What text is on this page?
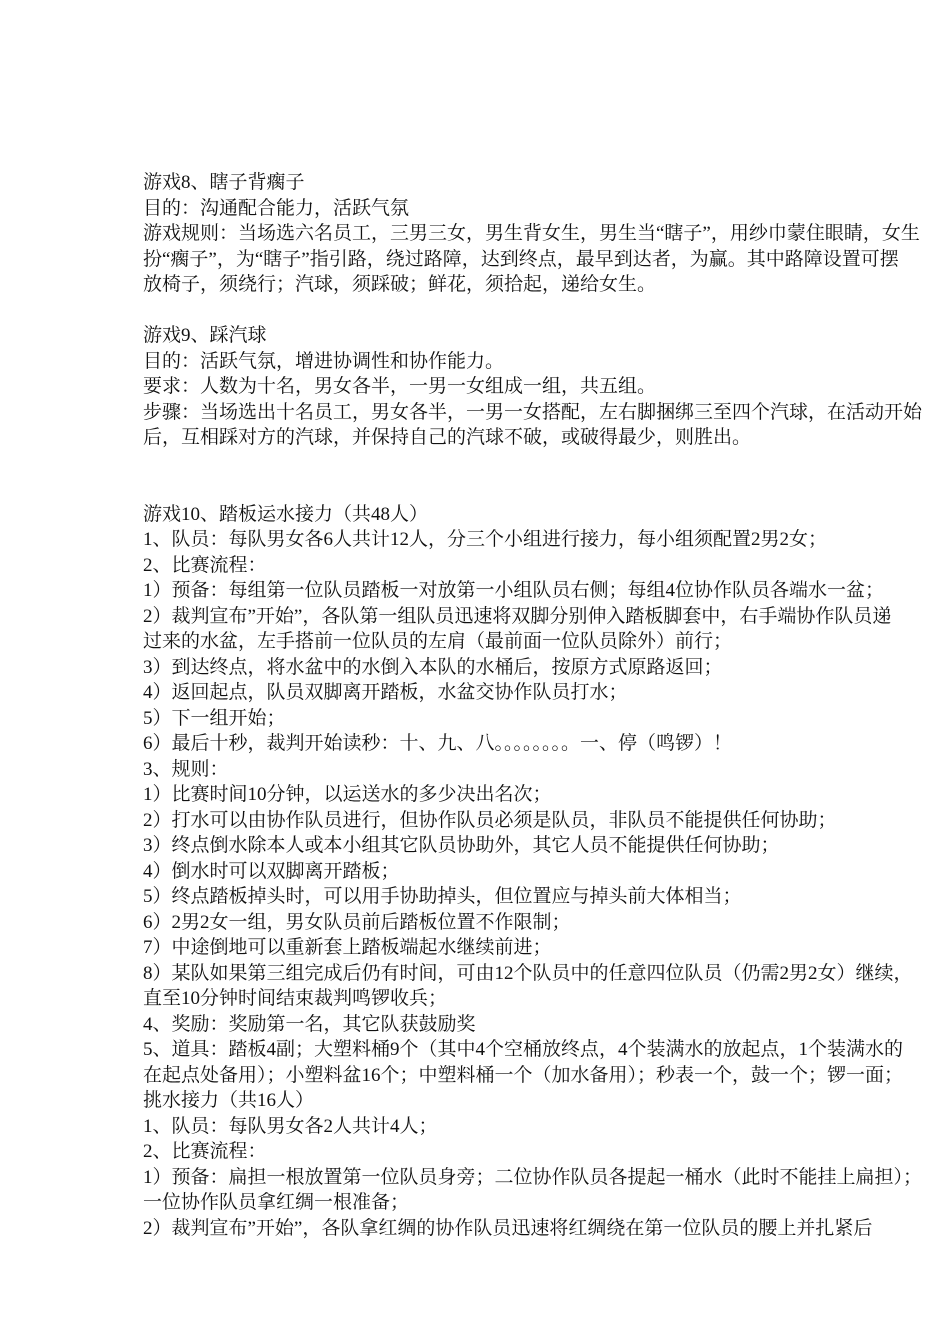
游戏8、瞎子背瘸子
目的：沟通配合能力，活跃气氛
游戏规则：当场选六名员工，三男三女，男生背女生，男生当“瞎子”，用纱巾蒙住眼睛，女生
扮“瘸子”，为“瞎子”指引路，绕过路障，达到终点，最早到达者，为赢。其中路障设置可摆
放椅子，须绕行；汽球，须踩破；鲜花，须拾起，递给女生。
游戏9、踩汽球
目的：活跃气氛，增进协调性和协作能力。
要求：人数为十名，男女各半，一男一女组成一组，共五组。
步骤：当场选出十名员工，男女各半，一男一女搭配，左右脚捆绑三至四个汽球，在活动开始
后，互相踩对方的汽球，并保持自己的汽球不破，或破得最少，则胜出。
游戏10、踏板运水接力（共48人）
1、队员：每队男女各6人共计12人，分三个小组进行接力，每小组须配置2男2女；
2、比赛流程：
1）预备：每组第一位队员踏板一对放第一小组队员右侧；每组4位协作队员各端水一盆；
2）裁判宣布”开始”，各队第一组队员迅速将双脚分别伸入踏板脚套中，右手端协作队员递
过来的水盆，左手搭前一位队员的左肩（最前面一位队员除外）前行；
3）到达终点，将水盆中的水倒入本队的水桶后，按原方式原路返回；
4）返回起点，队员双脚离开踏板，水盆交协作队员打水；
5）下一组开始；
6）最后十秒，裁判开始读秒：十、九、八。。。。。。。。一、停（鸣锣）！
3、规则：
1）比赛时间10分钟，以运送水的多少决出名次；
2）打水可以由协作队员进行，但协作队员必须是队员，非队员不能提供任何协助；
3）终点倒水除本人或本小组其它队员协助外，其它人员不能提供任何协助；
4）倒水时可以双脚离开踏板；
5）终点踏板掉头时，可以用手协助掉头，但位置应与掉头前大体相当；
6）2男2女一组，男女队员前后踏板位置不作限制；
7）中途倒地可以重新套上踏板端起水继续前进；
8）某队如果第三组完成后仍有时间，可由12个队员中的任意四位队员（仍需2男2女）继续，
直至10分钟时间结束裁判鸣锣收兵；
4、奖励：奖励第一名，其它队获鼓励奖
5、道具：踏板4副；大塑料桶9个（其中4个空桶放终点，4个装满水的放起点，1个装满水的
在起点处备用）；小塑料盆16个；中塑料桶一个（加水备用）；秒表一个，鼓一个；锣一面；
挑水接力（共16人）
1、队员：每队男女各2人共计4人；
2、比赛流程：
1）预备：扁担一根放置第一位队员身旁；二位协作队员各提起一桶水（此时不能挂上扁担）；
一位协作队员拿红绸一根准备；
2）裁判宣布”开始”，各队拿红绸的协作队员迅速将红绸绕在第一位队员的腰上并扎紧后
